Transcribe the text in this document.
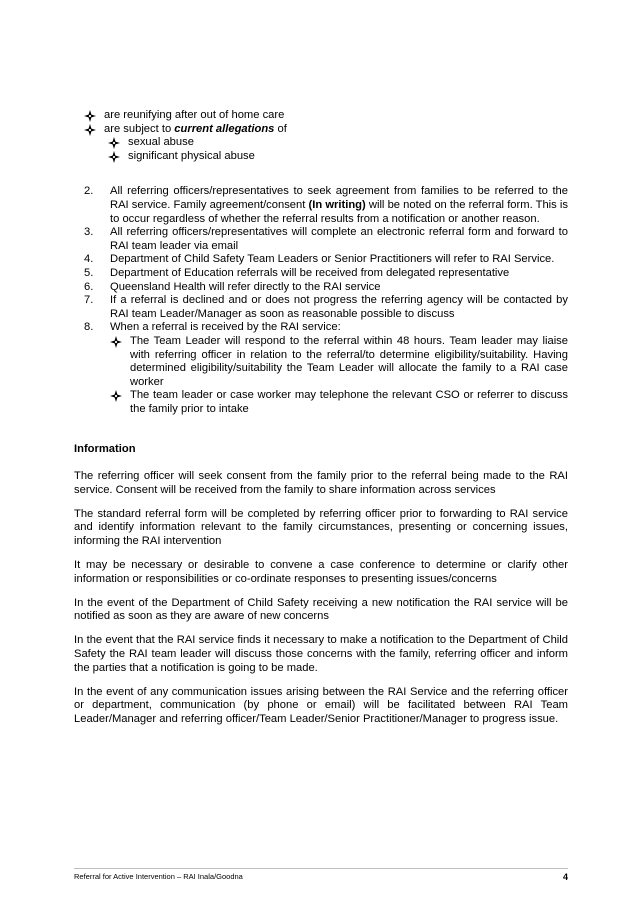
are reunifying after out of home care
are subject to current allegations of
sexual abuse
significant physical abuse
2.	All referring officers/representatives to seek agreement from families to be referred to the RAI service. Family agreement/consent (In writing) will be noted on the referral form. This is to occur regardless of whether the referral results from a notification or another reason.
3.	All referring officers/representatives will complete an electronic referral form and forward to RAI team leader via email
4.	Department of Child Safety Team Leaders or Senior Practitioners will refer to RAI Service.
5.	Department of Education referrals will be received from delegated representative
6.	Queensland Health will refer directly to the RAI service
7.	If a referral is declined and or does not progress the referring agency will be contacted by RAI team Leader/Manager as soon as reasonable possible to discuss
8.	When a referral is received by the RAI service:
The Team Leader will respond to the referral within 48 hours. Team leader may liaise with referring officer in relation to the referral/to determine eligibility/suitability. Having determined eligibility/suitability the Team Leader will allocate the family to a RAI case worker
The team leader or case worker may telephone the relevant CSO or referrer to discuss the family prior to intake
Information

The referring officer will seek consent from the family prior to the referral being made to the RAI service. Consent will be received from the family to share information across services

The standard referral form will be completed by referring officer prior to forwarding to RAI service and identify information relevant to the family circumstances, presenting or concerning issues, informing the RAI intervention

It may be necessary or desirable to convene a case conference to determine or clarify other information or responsibilities or co-ordinate responses to presenting issues/concerns

In the event of the Department of Child Safety receiving a new notification the RAI service will be notified as soon as they are aware of new concerns

In the event that the RAI service finds it necessary to make a notification to the Department of Child Safety the RAI team leader will discuss those concerns with the family, referring officer and inform the parties that a notification is going to be made.

In the event of any communication issues arising between the RAI Service and the referring officer or department, communication (by phone or email) will be facilitated between RAI Team Leader/Manager and referring officer/Team Leader/Senior Practitioner/Manager to progress issue.

Referral for Active Intervention – RAI Inala/Goodna	4
